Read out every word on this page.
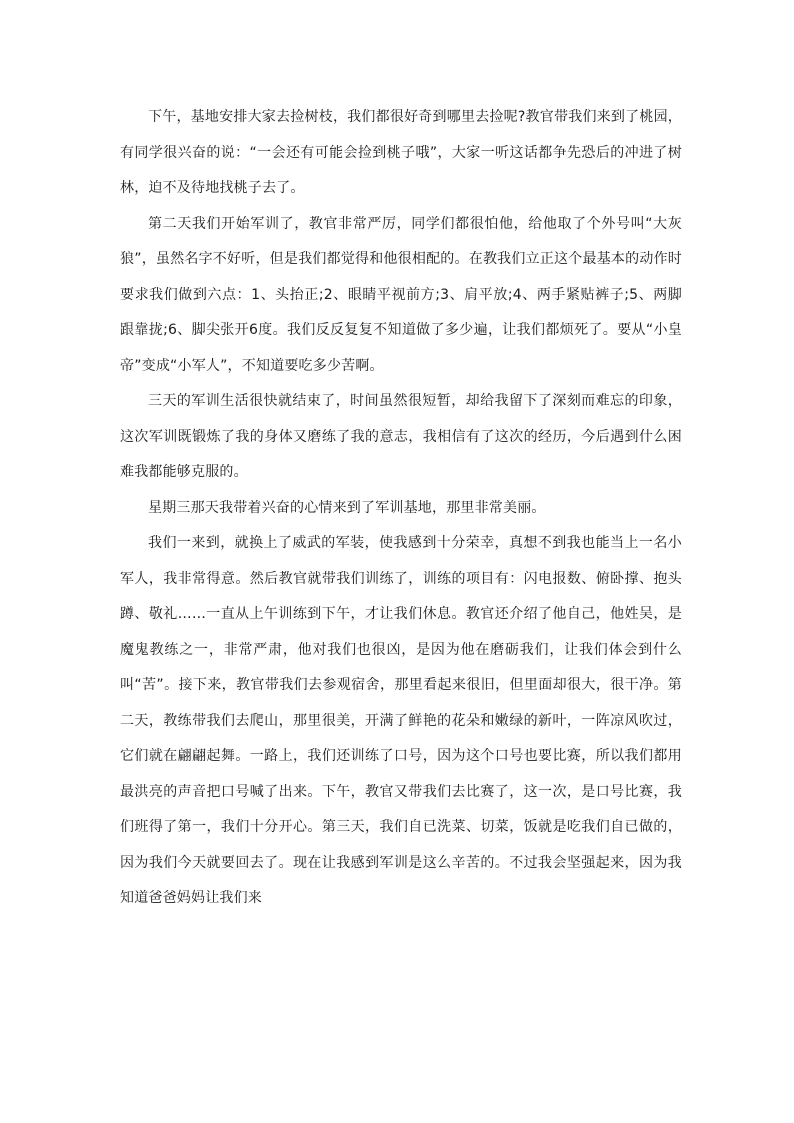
下午，基地安排大家去捡树枝，我们都很好奇到哪里去捡呢?教官带我们来到了桃园，有同学很兴奋的说：“一会还有可能会捡到桃子哦”，大家一听这话都争先恐后的冲进了树林，迫不及待地找桃子去了。

第二天我们开始军训了，教官非常严厉，同学们都很怕他，给他取了个外号叫“大灰狼”，虽然名字不好听，但是我们都觉得和他很相配的。在教我们立正这个最基本的动作时要求我们做到六点：1、头抬正;2、眼睛平视前方;3、肩平放;4、两手紧贴裤子;5、两脚跟靠拢;6、脚尖张开6度。我们反反复复不知道做了多少遍，让我们都烦死了。要从“小皇帝”变成“小军人”，不知道要吃多少苦啊。

三天的军训生活很快就结束了，时间虽然很短暂，却给我留下了深刻而难忘的印象，这次军训既锻炼了我的身体又磨练了我的意志，我相信有了这次的经历，今后遇到什么困难我都能够克服的。

星期三那天我带着兴奋的心情来到了军训基地，那里非常美丽。

我们一来到，就换上了威武的军装，使我感到十分荣幸，真想不到我也能当上一名小军人，我非常得意。然后教官就带我们训练了，训练的项目有：闪电报数、俯卧撑、抱头蹲、敬礼……一直从上午训练到下午，才让我们休息。教官还介绍了他自己，他姓吴，是魔鬼教练之一，非常严肃，他对我们也很凶，是因为他在磨砺我们，让我们体会到什么叫“苦”。接下来，教官带我们去参观宿舍，那里看起来很旧，但里面却很大，很干净。第二天，教练带我们去爬山，那里很美，开满了鲜艳的花朵和嫩绿的新叶，一阵凉风吹过，它们就在翩翩起舞。一路上，我们还训练了口号，因为这个口号也要比赛，所以我们都用最洪亮的声音把口号喊了出来。下午，教官又带我们去比赛了，这一次，是口号比赛，我们班得了第一，我们十分开心。第三天，我们自已洗菜、切菜，饭就是吃我们自已做的，因为我们今天就要回去了。现在让我感到军训是这么辛苦的。不过我会坚强起来，因为我知道爸爸妈妈让我们来
